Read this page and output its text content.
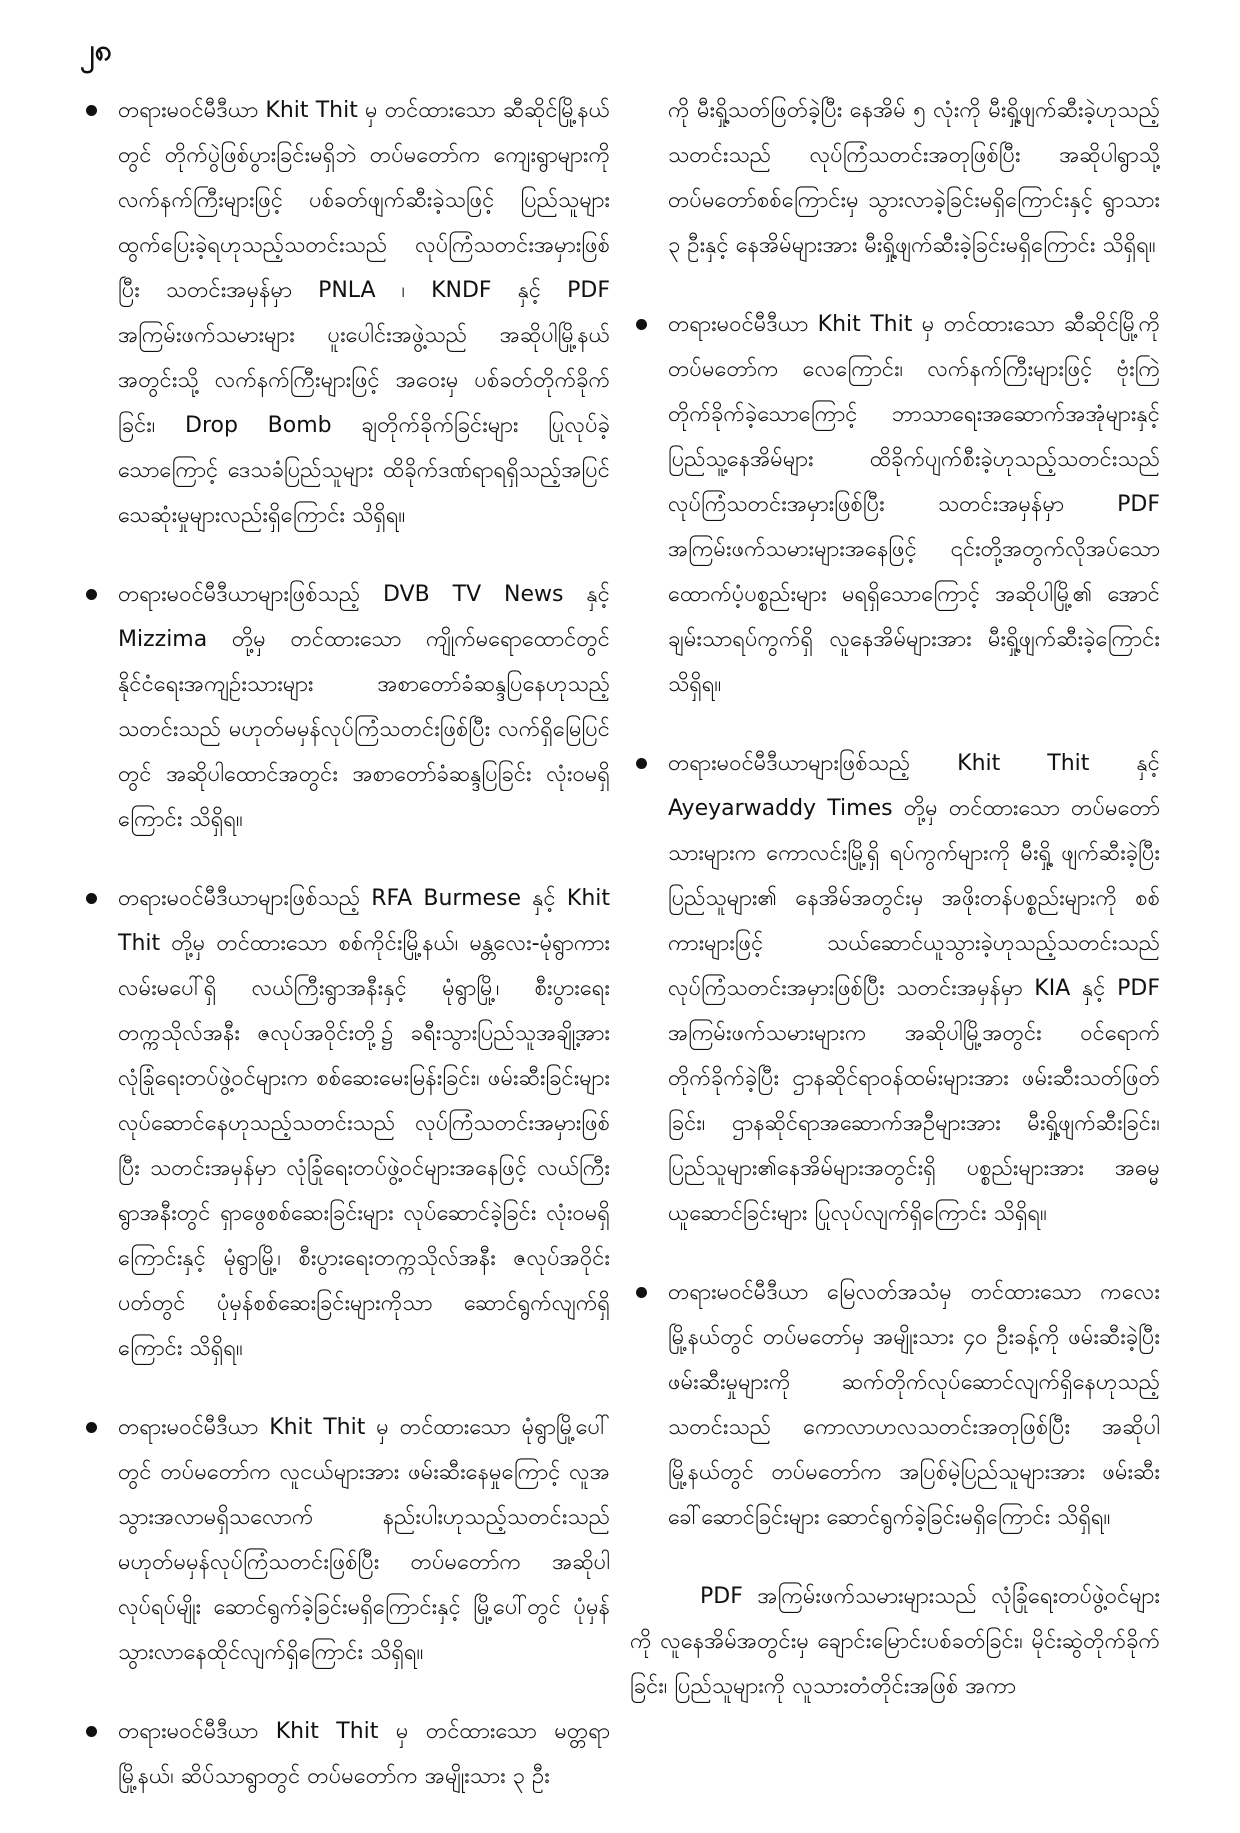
၂၈
တရားမဝင်မီဒီယာ Khit Thit မှ တင်ထားသော ဆီဆိုင်မြို့နယ်တွင် တိုက်ပွဲဖြစ်ပွားခြင်းမရှိဘဲ တပ်မတော်က ကျေးရွာများကို လက်နက်ကြီးများဖြင့် ပစ်ခတ်ဖျက်ဆီးခဲ့သဖြင့် ပြည်သူများထွက်ပြေးခဲ့ရဟုသည့်သတင်းသည် လုပ်ကြံသတင်းအမှားဖြစ်ပြီး သတင်းအမှန်မှာ PNLA ၊ KNDF နှင့် PDF အကြမ်းဖက်သမားများ ပူးပေါင်းအဖွဲ့သည် အဆိုပါမြို့နယ်အတွင်းသို့ လက်နက်ကြီးများဖြင့် အဝေးမှ ပစ်ခတ်တိုက်ခိုက်ခြင်း၊ Drop Bomb ချတိုက်ခိုက်ခြင်းများ ပြုလုပ်ခဲ့သောကြောင့် ဒေသခံပြည်သူများ ထိခိုက်ဒဏ်ရာရရှိသည့်အပြင် သေဆုံးမှုများလည်းရှိကြောင်း သိရှိရ။
တရားမဝင်မီဒီယာများဖြစ်သည့် DVB TV News နှင့် Mizzima တို့မှ တင်ထားသော ကျိုက်မရောထောင်တွင် နိုင်ငံရေးအကျဉ်းသားများ အစာတော်ခံဆန္ဒပြနေဟုသည့်သတင်းသည် မဟုတ်မမှန်လုပ်ကြံသတင်းဖြစ်ပြီး လက်ရှိမြေပြင်တွင် အဆိုပါထောင်အတွင်း အစာတော်ခံဆန္ဒပြခြင်း လုံးဝမရှိကြောင်း သိရှိရ။
တရားမဝင်မီဒီယာများဖြစ်သည့် RFA Burmese နှင့် Khit Thit တို့မှ တင်ထားသော စစ်ကိုင်းမြို့နယ်၊ မန္တလေး-မုံရွာကားလမ်းမပေါ်ရှိ လယ်ကြီးရွာအနီးနှင့် မုံရွာမြို့၊ စီးပွားရေးတက္ကသိုလ်အနီး ဇလုပ်အဝိုင်းတို့၌ ခရီးသွားပြည်သူအချို့အား လုံခြုံရေးတပ်ဖွဲ့ဝင်များက စစ်ဆေးမေးမြန်းခြင်း၊ ဖမ်းဆီးခြင်းများ လုပ်ဆောင်နေဟုသည့်သတင်းသည် လုပ်ကြံသတင်းအမှားဖြစ်ပြီး သတင်းအမှန်မှာ လုံခြုံရေးတပ်ဖွဲ့ဝင်များအနေဖြင့် လယ်ကြီးရွာအနီးတွင် ရှာဖွေစစ်ဆေးခြင်းများ လုပ်ဆောင်ခဲ့ခြင်း လုံးဝမရှိကြောင်းနှင့် မုံရွာမြို့၊ စီးပွားရေးတက္ကသိုလ်အနီး ဇလုပ်အဝိုင်းပတ်တွင် ပုံမှန်စစ်ဆေးခြင်းများကိုသာ ဆောင်ရွက်လျက်ရှိကြောင်း သိရှိရ။
တရားမဝင်မီဒီယာ Khit Thit မှ တင်ထားသော မုံရွာမြို့ပေါ်တွင် တပ်မတော်က လူငယ်များအား ဖမ်းဆီးနေမှုကြောင့် လူအသွားအလာမရှိသလောက် နည်းပါးဟုသည့်သတင်းသည် မဟုတ်မမှန်လုပ်ကြံသတင်းဖြစ်ပြီး တပ်မတော်က အဆိုပါလုပ်ရပ်မျိုး ဆောင်ရွက်ခဲ့ခြင်းမရှိကြောင်းနှင့် မြို့ပေါ်တွင် ပုံမှန်သွားလာနေထိုင်လျက်ရှိကြောင်း သိရှိရ။
တရားမဝင်မီဒီယာ Khit Thit မှ တင်ထားသော မတ္တရာမြို့နယ်၊ ဆိပ်သာရွာတွင် တပ်မတော်က အမျိုးသား ၃ ဦး
ကို မီးရှို့သတ်ဖြတ်ခဲ့ပြီး နေအိမ် ၅ လုံးကို မီးရှို့ဖျက်ဆီးခဲ့ဟုသည့်သတင်းသည် လုပ်ကြံသတင်းအတုဖြစ်ပြီး အဆိုပါရွာသို့ တပ်မတော်စစ်ကြောင်းမှ သွားလာခဲ့ခြင်းမရှိကြောင်းနှင့် ရွာသား ၃ ဦးနှင့် နေအိမ်များအား မီးရှို့ဖျက်ဆီးခဲ့ခြင်းမရှိကြောင်း သိရှိရ။
တရားမဝင်မီဒီယာ Khit Thit မှ တင်ထားသော ဆီဆိုင်မြို့ကို တပ်မတော်က လေကြောင်း၊ လက်နက်ကြီးများဖြင့် ဗုံးကြဲတိုက်ခိုက်ခဲ့သောကြောင့် ဘာသာရေးအဆောက်အအုံများနှင့် ပြည်သူ့နေအိမ်များ ထိခိုက်ပျက်စီးခဲ့ဟုသည့်သတင်းသည် လုပ်ကြံသတင်းအမှားဖြစ်ပြီး သတင်းအမှန်မှာ PDF အကြမ်းဖက်သမားများအနေဖြင့် ၎င်းတို့အတွက်လိုအပ်သော ထောက်ပံ့ပစ္စည်းများ မရရှိသောကြောင့် အဆိုပါမြို့၏ အောင်ချမ်းသာရပ်ကွက်ရှိ လူနေအိမ်များအား မီးရှို့ဖျက်ဆီးခဲ့ကြောင်း သိရှိရ။
တရားမဝင်မီဒီယာများဖြစ်သည့် Khit Thit နှင့် Ayeyarwaddy Times တို့မှ တင်ထားသော တပ်မတော်သားများက ကောလင်းမြို့ရှိ ရပ်ကွက်များကို မီးရှို့ ဖျက်ဆီးခဲ့ပြီး ပြည်သူများ၏ နေအိမ်အတွင်းမှ အဖိုးတန်ပစ္စည်းများကို စစ်ကားများဖြင့် သယ်ဆောင်ယူသွားခဲ့ဟုသည့်သတင်းသည် လုပ်ကြံသတင်းအမှားဖြစ်ပြီး သတင်းအမှန်မှာ KIA နှင့် PDF အကြမ်းဖက်သမားများက အဆိုပါမြို့အတွင်း ဝင်ရောက်တိုက်ခိုက်ခဲ့ပြီး ဌာနဆိုင်ရာဝန်ထမ်းများအား ဖမ်းဆီးသတ်ဖြတ်ခြင်း၊ ဌာနဆိုင်ရာအဆောက်အဦများအား မီးရှို့ဖျက်ဆီးခြင်း၊ ပြည်သူများ၏နေအိမ်များအတွင်းရှိ ပစ္စည်းများအား အဓမ္မယူဆောင်ခြင်းများ ပြုလုပ်လျက်ရှိကြောင်း သိရှိရ။
တရားမဝင်မီဒီယာ မြေလတ်အသံမှ တင်ထားသော ကလေးမြို့နယ်တွင် တပ်မတော်မှ အမျိုးသား ၄၀ ဦးခန့်ကို ဖမ်းဆီးခဲ့ပြီး ဖမ်းဆီးမှုများကို ဆက်တိုက်လုပ်ဆောင်လျက်ရှိနေဟုသည့်သတင်းသည် ကောလာဟလသတင်းအတုဖြစ်ပြီး အဆိုပါမြို့နယ်တွင် တပ်မတော်က အပြစ်မဲ့ပြည်သူများအား ဖမ်းဆီးခေါ်ဆောင်ခြင်းများ ဆောင်ရွက်ခဲ့ခြင်းမရှိကြောင်း သိရှိရ။

PDF အကြမ်းဖက်သမားများသည် လုံခြုံရေးတပ်ဖွဲ့ဝင်များကို လူနေအိမ်အတွင်းမှ ချောင်းမြောင်းပစ်ခတ်ခြင်း၊ မိုင်းဆွဲတိုက်ခိုက်ခြင်း၊ ပြည်သူများကို လူသားတံတိုင်းအဖြစ် အကာ
